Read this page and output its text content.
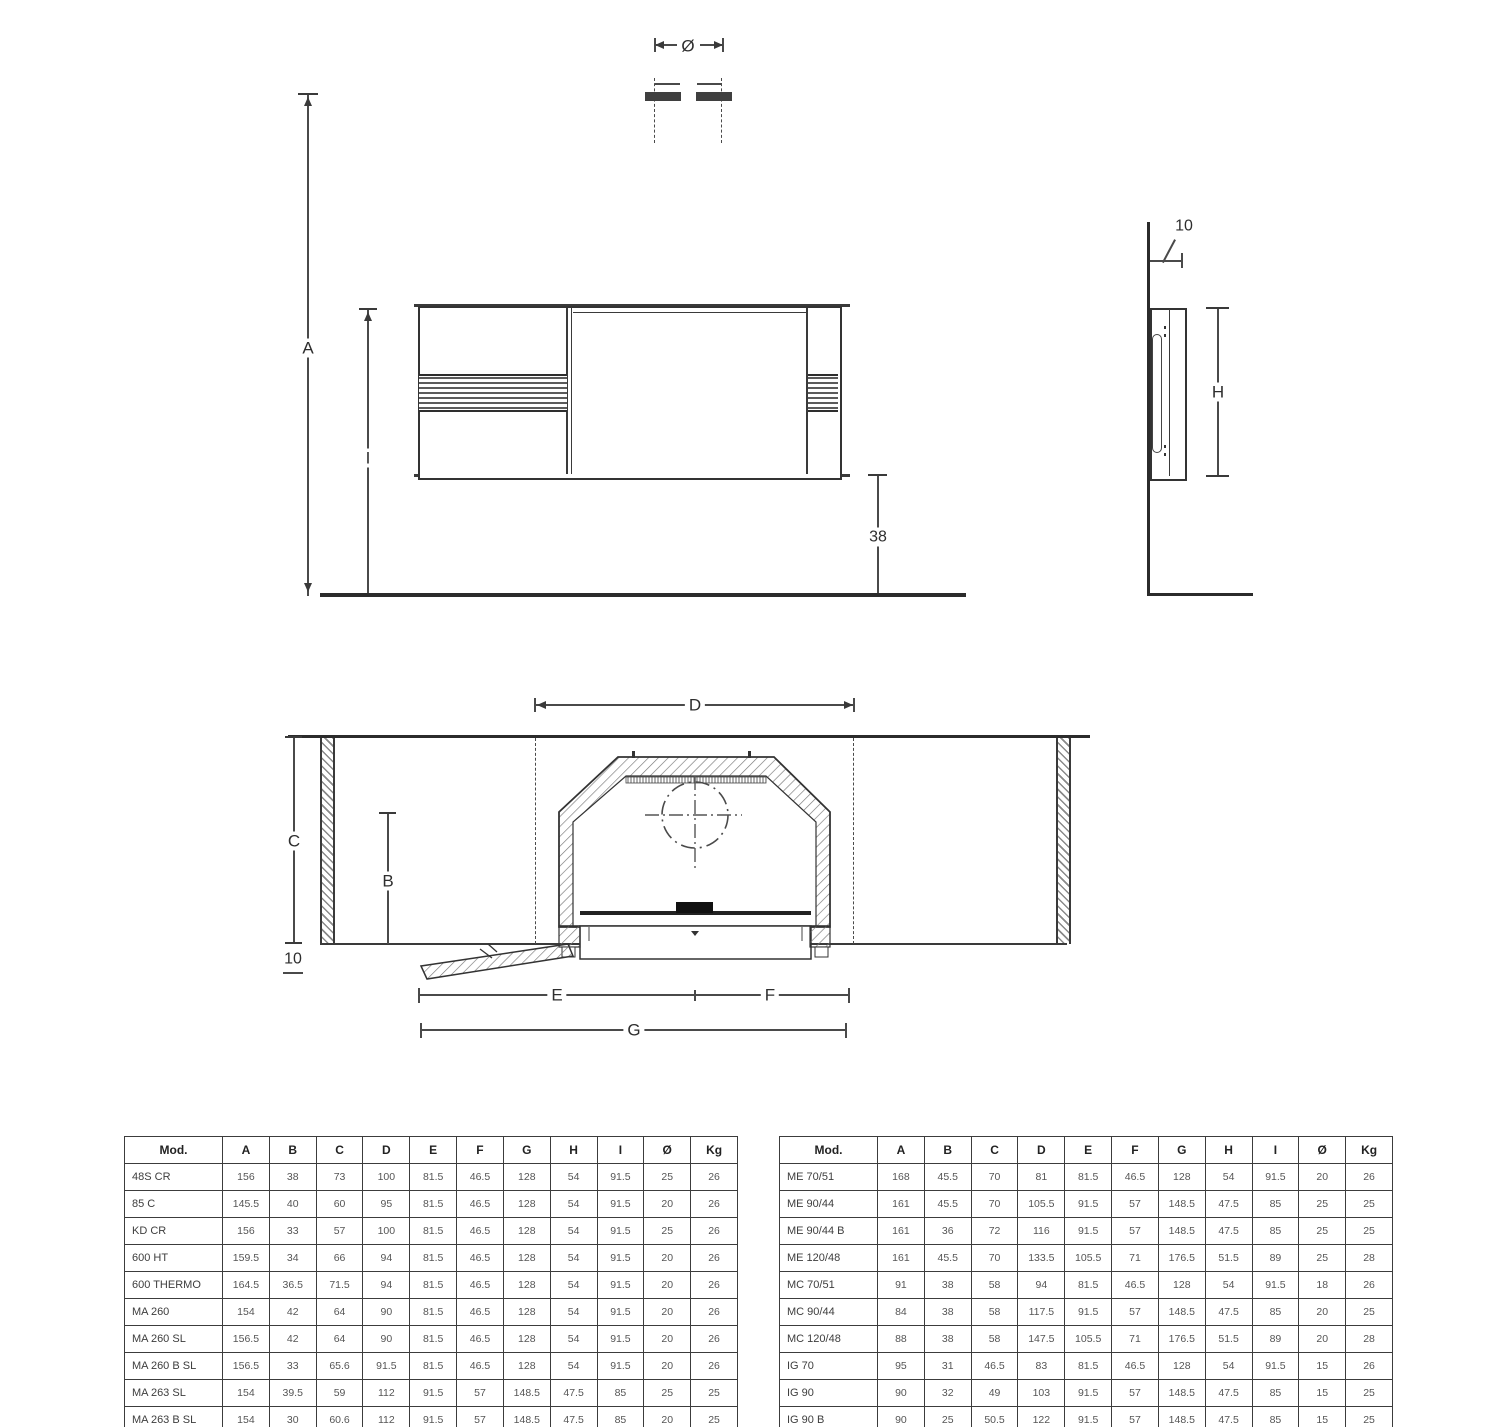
Ø
A
I
38
10
H
D
C
B
10
E	F
G
Mod.	A	B	C	D	E	F	G	H	I	Ø	Kg
48S CR	156	38	73	100	81.5	46.5	128	54	91.5	25	26
85 C	145.5	40	60	95	81.5	46.5	128	54	91.5	20	26
KD CR	156	33	57	100	81.5	46.5	128	54	91.5	25	26
600 HT	159.5	34	66	94	81.5	46.5	128	54	91.5	20	26
600 THERMO	164.5	36.5	71.5	94	81.5	46.5	128	54	91.5	20	26
MA 260	154	42	64	90	81.5	46.5	128	54	91.5	20	26
MA 260 SL	156.5	42	64	90	81.5	46.5	128	54	91.5	20	26
MA 260 B SL	156.5	33	65.6	91.5	81.5	46.5	128	54	91.5	20	26
MA 263 SL	154	39.5	59	112	91.5	57	148.5	47.5	85	25	25
MA 263 B SL	154	30	60.6	112	91.5	57	148.5	47.5	85	20	25

Mod.	A	B	C	D	E	F	G	H	I	Ø	Kg
ME 70/51	168	45.5	70	81	81.5	46.5	128	54	91.5	20	26
ME 90/44	161	45.5	70	105.5	91.5	57	148.5	47.5	85	25	25
ME 90/44 B	161	36	72	116	91.5	57	148.5	47.5	85	25	25
ME 120/48	161	45.5	70	133.5	105.5	71	176.5	51.5	89	25	28
MC 70/51	91	38	58	94	81.5	46.5	128	54	91.5	18	26
MC 90/44	84	38	58	117.5	91.5	57	148.5	47.5	85	20	25
MC 120/48	88	38	58	147.5	105.5	71	176.5	51.5	89	20	28
IG 70	95	31	46.5	83	81.5	46.5	128	54	91.5	15	26
IG 90	90	32	49	103	91.5	57	148.5	47.5	85	15	25
IG 90 B	90	25	50.5	122	91.5	57	148.5	47.5	85	15	25
